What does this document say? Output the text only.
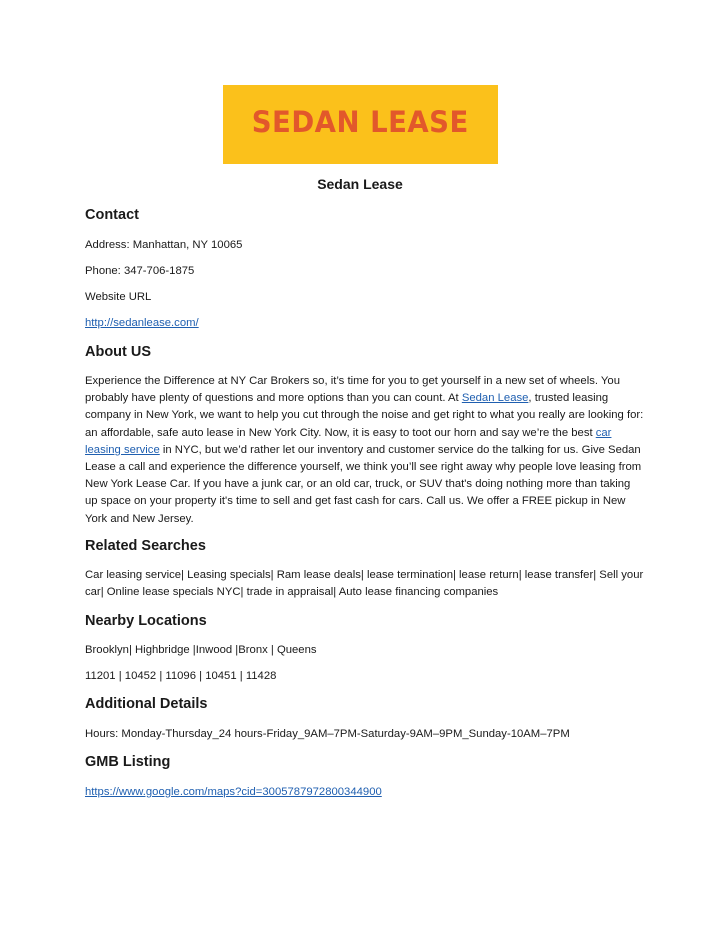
SEDAN LEASE
Sedan Lease
Contact

Address: Manhattan, NY 10065

Phone: 347-706-1875

Website URL

http://sedanlease.com/

About US

Experience the Difference at NY Car Brokers so, it’s time for you to get yourself in a new set of wheels. You probably have plenty of questions and more options than you can count. At Sedan Lease, trusted leasing company in New York, we want to help you cut through the noise and get right to what you really are looking for: an affordable, safe auto lease in New York City. Now, it is easy to toot our horn and say we’re the best car leasing service in NYC, but we’d rather let our inventory and customer service do the talking for us. Give Sedan Lease a call and experience the difference yourself, we think you’ll see right away why people love leasing from New York Lease Car. If you have a junk car, or an old car, truck, or SUV that's doing nothing more than taking up space on your property it's time to sell and get fast cash for cars. Call us. We offer a FREE pickup in New York and New Jersey.

Related Searches

Car leasing service| Leasing specials| Ram lease deals| lease termination| lease return| lease transfer| Sell your car| Online lease specials NYC| trade in appraisal| Auto lease financing companies

Nearby Locations

Brooklyn| Highbridge |Inwood |Bronx | Queens

11201 | 10452 | 11096 | 10451 | 11428

Additional Details

Hours: Monday-Thursday_24 hours-Friday_9AM–7PM-Saturday-9AM–9PM_Sunday-10AM–7PM

GMB Listing

https://www.google.com/maps?cid=3005787972800344900
